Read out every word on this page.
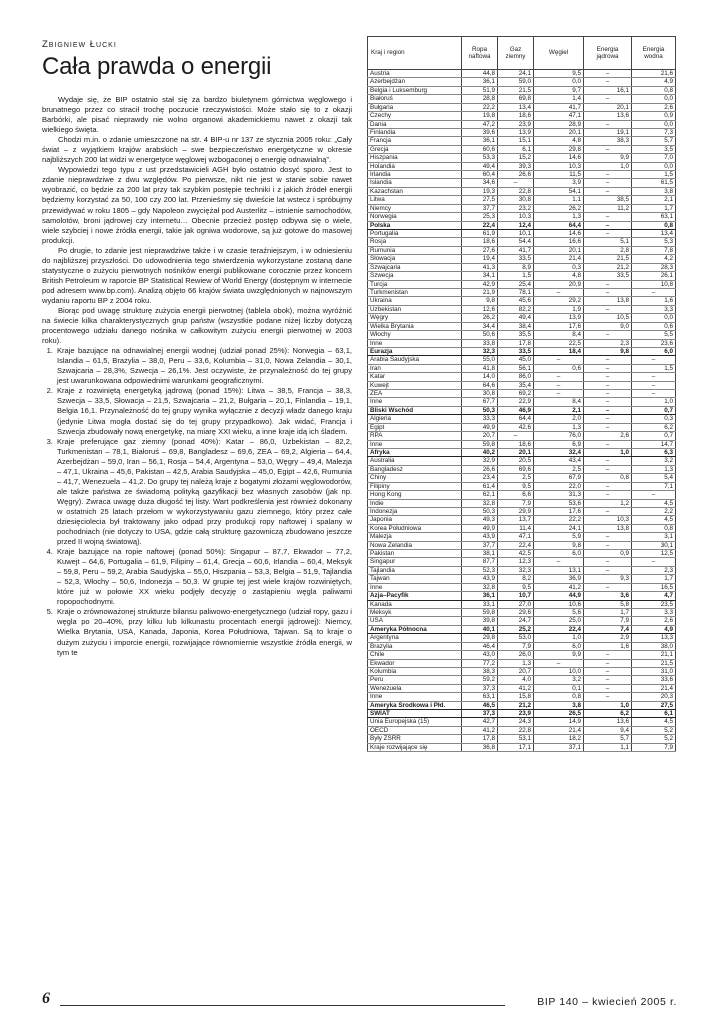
Zbigniew Łucki
Cała prawda o energii

Wydaje się, że BIP ostatnio stał się za bardzo biuletynem górnictwa węglowego i brunatnego przez co stracił trochę poczucie rzeczywistości. Może stało się to z okazji Barbórki, ale pisać nieprawdy nie wolno organowi akademickiemu nawet z okazji tak wielkiego święta.

Chodzi m.in. o zdanie umieszczone na str. 4 BIP-u nr 137 ze stycznia 2005 roku: „Cały świat – z wyjątkiem krajów arabskich – swe bezpieczeństwo energetyczne w okresie najbliższych 200 lat widzi w energetyce węglowej wzbogaconej o energię odnawialną”.

Wypowiedzi tego typu z ust przedstawicieli AGH było ostatnio dosyć sporo. Jest to zdanie nieprawdziwe z dwu względów. Po pierwsze, nikt nie jest w stanie sobie nawet wyobrazić, co będzie za 200 lat przy tak szybkim postępie techniki i z jakich źródeł energii będziemy korzystać za 50, 100 czy 200 lat. Przenieśmy się dwieście lat wstecz i spróbujmy przewidywać w roku 1805 – gdy Napoleon zwyciężał pod Austerlitz – istnienie samochodów, samolotów, broni jądrowej czy internetu… Obecnie przecież postęp odbywa się o wiele, wiele szybciej i nowe źródła energii, takie jak ogniwa wodorowe, są już gotowe do masowej produkcji.

Po drugie, to zdanie jest nieprawdziwe także i w czasie teraźniejszym, i w odniesieniu do najbliższej przyszłości. Do udowodnienia tego stwierdzenia wykorzystane zostaną dane statystyczne o zużyciu pierwotnych nośników energii publikowane corocznie przez koncern British Petroleum w raporcie BP Statistical Rewiew of World Energy (dostępnym w internecie pod adresem www.bp.com). Analizą objęto 66 krajów świata uwzględnionych w najnowszym wydaniu raportu BP z 2004 roku.

Biorąc pod uwagę strukturę zużycia energii pierwotnej (tablela obok), można wyróżnić na świecie kilka charakterystycznych grup państw (wszystkie podane niżej liczby dotyczą procentowego udziału danego nośnika w całkowitym zużyciu energii pierwotnej w 2003 roku).

1. Kraje bazujące na odnawialnej energii wodnej (udział ponad 25%): Norwegia – 63,1, Islandia – 61,5, Brazylia – 38,0, Peru – 33,6, Kolumbia – 31,0, Nowa Zelandia – 30,1, Szwajcaria – 28,3%, Szwecja – 26,1%. Jest oczywiste, że przynależność do tej grupy jest uwarunkowana odpowiednimi warunkami geograficznymi.
2. Kraje z rozwiniętą energetyką jądrową (ponad 15%): Litwa – 38,5, Francja – 38,3, Szwecja – 33,5, Słowacja – 21,5, Szwajcaria – 21,2, Bułgaria – 20,1, Finlandia – 19,1, Belgia 16,1. Przynależność do tej grupy wynika wyłącznie z decyzji władz danego kraju (jedynie Litwa mogła dostać się do tej grupy przypadkowo). Jak widać, Francja i Szwecja zbudowały nową energetykę, na miarę XXI wieku, a inne kraje idą ich śladem.
3. Kraje preferujące gaz ziemny (ponad 40%): Katar – 86,0, Uzbekistan – 82,2, Turkmenistan – 78,1, Białoruś – 69,8, Bangladesz – 69,6, ZEA – 69,2, Algieria – 64,4, Azerbejdżan – 59,0, Iran – 56,1, Rosja – 54,4, Argentyna – 53,0, Węgry – 49,4, Malezja – 47,1, Ukraina – 45,6, Pakistan – 42,5, Arabia Saudyjska – 45,0, Egipt – 42,6, Rumunia – 41,7, Wenezuela – 41,2. Do grupy tej należą kraje z bogatymi złożami węglowodorów, ale także państwa ze świadomą polityką gazyfikacji bez własnych zasobów (jak np. Węgry). Zwraca uwagę duża długość tej listy. Wart podkreślenia jest również dokonany w ostatnich 25 latach przełom w wykorzystywaniu gazu ziemnego, który przez całe dziesięciolecia był traktowany jako odpad przy produkcji ropy naftowej i spalany w pochodniach (nie dotyczy to USA, gdzie całą strukturę gazowniczą zbudowano jeszcze przed II wojną światową).
4. Kraje bazujące na ropie naftowej (ponad 50%): Singapur – 87,7, Ekwador – 77,2, Kuwejt – 64,6, Portugalia – 61,9, Filipiny – 61,4, Grecja – 60,6, Irlandia – 60,4, Meksyk – 59,8, Peru – 59,2, Arabia Saudyjska – 55,0, Hiszpania – 53,3, Belgia – 51,9, Tajlandia – 52,3, Włochy – 50,6, Indonezja – 50,3. W grupie tej jest wiele krajów rozwiniętych, które już w połowie XX wieku podjęły decyzję o zastąpieniu węgla paliwami ropopochodnymi.
5. Kraje o zrównoważonej strukturze bilansu paliwowo-energetycznego (udział ropy, gazu i węgla po 20–40%, przy kilku lub kilkunastu procentach energii jądrowej): Niemcy, Wielka Brytania, USA, Kanada, Japonia, Korea Południowa, Tajwan. Są to kraje o dużym zużyciu i imporcie energii, rozwijające równomiernie wszystkie źródła energii, w tym te
Kraj i region	Ropa naftowa	Gaz ziemny	Węgiel	Energia jądrowa	Energia wodna
Austria	44,8	24,1	9,5	–	21,6
Azerbejdżan	36,1	59,0	0,0	–	4,9
Belgia i Luksemburg	51,9	21,5	9,7	16,1	0,8
Białoruś	28,8	69,8	1,4	–	0,0
Bułgaria	22,2	13,4	41,7	20,1	2,6
Czechy	19,8	18,6	47,1	13,6	0,9
Dania	47,2	23,9	28,9	–	0,0
Finlandia	39,6	13,9	20,1	19,1	7,3
Francja	36,1	15,1	4,8	38,3	5,7
Grecja	60,6	6,1	29,8	–	3,5
Hiszpania	53,3	15,2	14,6	9,9	7,0
Holandia	49,4	39,3	10,3	1,0	0,0
Irlandia	60,4	26,6	11,5	–	1,5
Islandia	34,6	–	3,9	–	61,5
Kazachstan	19,3	22,8	54,1	–	3,8
Litwa	27,5	30,8	1,1	38,5	2,1
Niemcy	37,7	23,2	26,2	11,2	1,7
Norwegia	25,3	10,3	1,3	–	63,1
Polska	22,4	12,4	64,4	–	0,8
Portugalia	61,9	10,1	14,6	–	13,4
Rosja	18,6	54,4	16,6	5,1	5,3
Rumunia	27,6	41,7	20,1	2,8	7,8
Słowacja	19,4	33,5	21,4	21,5	4,2
Szwajcaria	41,3	8,9	0,3	21,2	28,3
Szwecja	34,1	1,5	4,8	33,5	26,1
Turcja	42,9	25,4	20,9	–	10,8
Turkmenistan	21,9	78,1	–	–	–
Ukraina	9,8	45,6	29,2	13,8	1,6
Uzbekistan	12,6	82,2	1,9	–	3,3
Węgry	26,2	49,4	13,9	10,5	0,0
Wielka Brytania	34,4	38,4	17,6	9,0	0,6
Włochy	50,6	35,5	8,4	–	5,5
Inne	33,8	17,8	22,5	2,3	23,6
Eurazja	32,3	33,5	18,4	9,8	6,0
Arabia Saudyjska	55,0	45,0	–	–	–
Iran	41,8	56,1	0,6	–	1,5
Katar	14,0	86,0	–	–	–
Kuwejt	64,6	35,4	–	–	–
ZEA	30,8	69,2	–	–	–
Inne	67,7	22,9	8,4	–	1,0
Bliski Wschód	50,3	46,9	2,1	–	0,7
Algieria	33,3	64,4	2,0	–	0,3
Egipt	49,9	42,6	1,3	–	6,2
RPA	20,7	–	76,0	2,6	0,7
Inne	59,8	18,6	6,9	–	14,7
Afryka	40,2	20,1	32,4	1,0	6,3
Australia	32,9	20,5	43,4	–	3,2
Bangladesz	26,6	69,6	2,5	–	1,3
Chiny	23,4	2,5	67,9	0,8	5,4
Filipiny	61,4	9,5	22,0	–	7,1
Hong Kong	62,1	6,6	31,3	–	–
Indie	32,8	7,9	53,6	1,2	4,5
Indonezja	50,3	29,9	17,6	–	2,2
Japonia	49,3	13,7	22,2	10,3	4,5
Korea Południowa	49,9	11,4	24,1	13,8	0,8
Malezja	43,9	47,1	5,9	–	3,1
Nowa Zelandia	37,7	22,4	9,8	–	30,1
Pakistan	38,1	42,5	6,0	0,9	12,5
Singapur	87,7	12,3	–	–	–
Tajlandia	52,3	32,3	13,1	–	2,3
Tajwan	43,9	8,2	36,9	9,3	1,7
Inne	32,8	9,5	41,2	–	16,5
Azja–Pacyfik	36,1	10,7	44,9	3,6	4,7
Kanada	33,1	27,0	10,6	5,8	23,5
Meksyk	59,8	29,6	5,6	1,7	3,3
USA	39,8	24,7	25,0	7,9	2,6
Ameryka Północna	40,1	25,2	22,4	7,4	4,9
Argentyna	29,8	53,0	1,0	2,9	13,3
Brazylia	46,4	7,9	6,0	1,6	38,0
Chile	43,0	26,0	9,9	–	21,1
Ekwador	77,2	1,3	–	–	21,5
Kolumbia	38,3	20,7	10,0	–	31,0
Peru	59,2	4,0	3,2	–	33,6
Wenezuela	37,3	41,2	0,1	–	21,4
Inne	63,1	15,8	0,8	–	20,3
Ameryka Środkowa i Płd.	46,5	21,2	3,8	1,0	27,5
ŚWIAT	37,3	23,9	26,5	6,2	6,1
Unia Europejska (15)	42,7	24,3	14,9	13,6	4,5
OECD	41,2	22,8	21,4	9,4	5,2
Były ZSRR	17,8	53,1	18,2	5,7	5,2
Kraje rozwijające się	36,8	17,1	37,1	1,1	7,9
6	BIP 140 – kwiecień 2005 r.
